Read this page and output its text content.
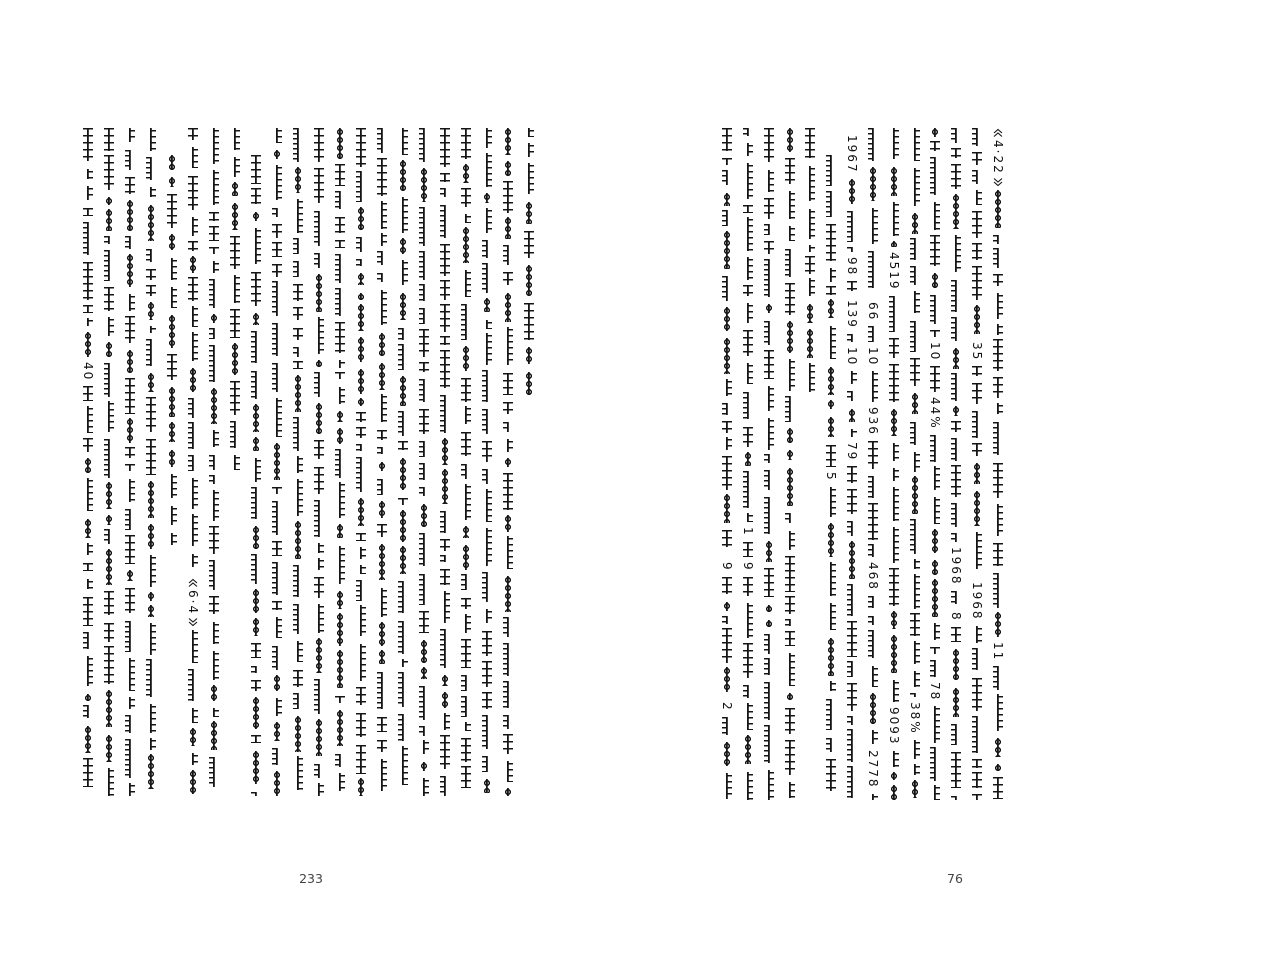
40
6·4
233
9
2
1
9
5
1967
98
139
10
79
66
10
936
468
2778
4519
9093 38%
10
44%
78
1968
8
35
1968
4·22
11
76
